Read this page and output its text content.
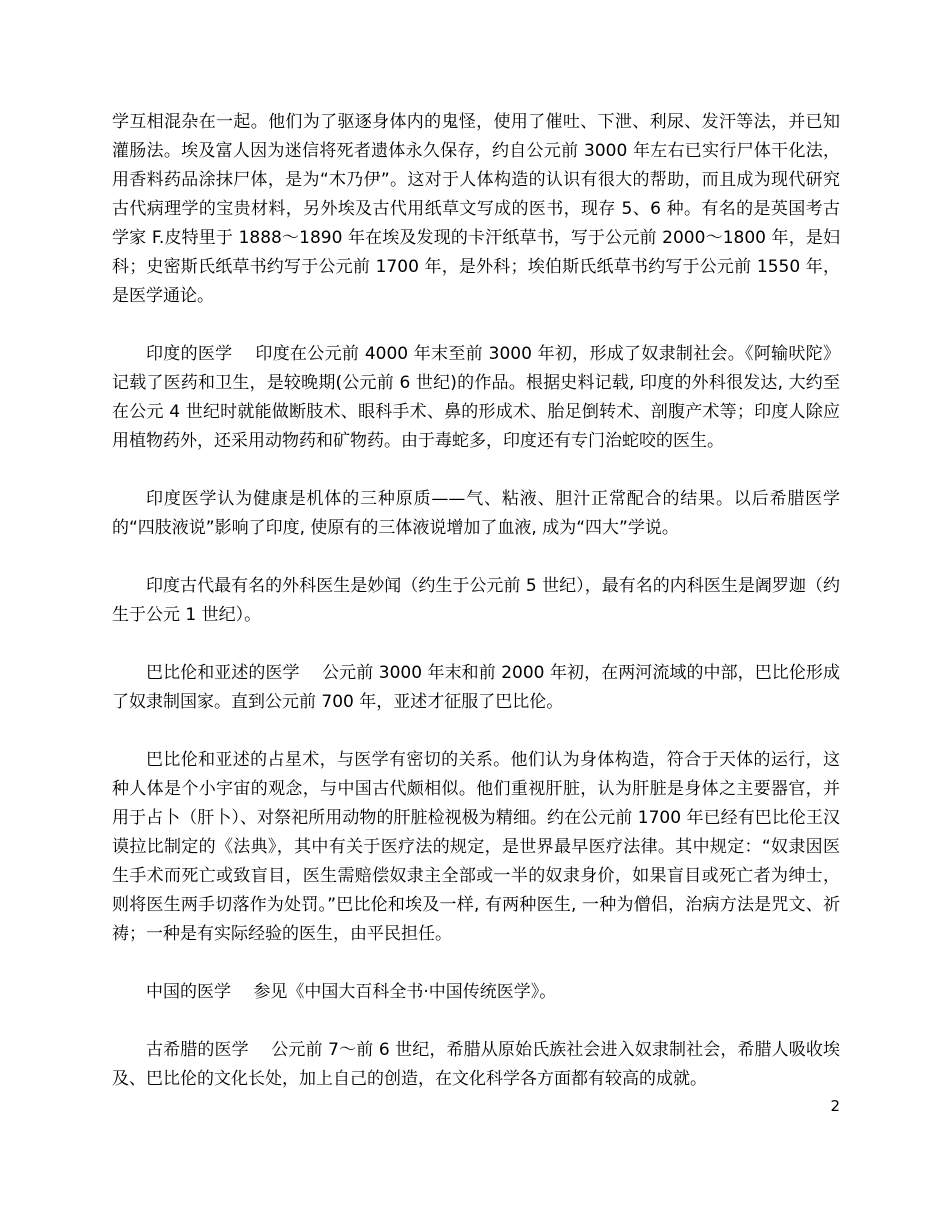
学互相混杂在一起。他们为了驱逐身体内的鬼怪，使用了催吐、下泄、利尿、发汗等法，并已知灌肠法。埃及富人因为迷信将死者遗体永久保存，约自公元前 3000 年左右已实行尸体干化法，用香料药品涂抹尸体，是为“木乃伊”。这对于人体构造的认识有很大的帮助，而且成为现代研究古代病理学的宝贵材料，另外埃及古代用纸草文写成的医书，现存 5、6 种。有名的是英国考古学家 F.皮特里于 1888～1890 年在埃及发现的卡汗纸草书，写于公元前 2000～1800 年，是妇科；史密斯氏纸草书约写于公元前 1700 年，是外科；埃伯斯氏纸草书约写于公元前 1550 年，是医学通论。

印度的医学　 印度在公元前 4000 年末至前 3000 年初，形成了奴隶制社会。《阿输吠陀》记载了医药和卫生，是较晚期(公元前 6 世纪)的作品。根据史料记载, 印度的外科很发达, 大约至在公元 4 世纪时就能做断肢术、眼科手术、鼻的形成术、胎足倒转术、剖腹产术等；印度人除应用植物药外，还采用动物药和矿物药。由于毒蛇多，印度还有专门治蛇咬的医生。

印度医学认为健康是机体的三种原质——气、粘液、胆汁正常配合的结果。以后希腊医学的“四肢液说”影响了印度, 使原有的三体液说增加了血液, 成为“四大”学说。

印度古代最有名的外科医生是妙闻（约生于公元前 5 世纪），最有名的内科医生是阇罗迦（约生于公元 1 世纪）。

巴比伦和亚述的医学　 公元前 3000 年末和前 2000 年初，在两河流域的中部，巴比伦形成了奴隶制国家。直到公元前 700 年，亚述才征服了巴比伦。

巴比伦和亚述的占星术，与医学有密切的关系。他们认为身体构造，符合于天体的运行，这种人体是个小宇宙的观念，与中国古代颇相似。他们重视肝脏，认为肝脏是身体之主要器官，并用于占卜（肝卜）、对祭祀所用动物的肝脏检视极为精细。约在公元前 1700 年已经有巴比伦王汉谟拉比制定的《法典》，其中有关于医疗法的规定，是世界最早医疗法律。其中规定：“奴隶因医生手术而死亡或致盲目，医生需赔偿奴隶主全部或一半的奴隶身价，如果盲目或死亡者为绅士，则将医生两手切落作为处罚。”巴比伦和埃及一样, 有两种医生, 一种为僧侣，治病方法是咒文、祈祷；一种是有实际经验的医生，由平民担任。

中国的医学　 参见《中国大百科全书·中国传统医学》。

古希腊的医学　 公元前 7～前 6 世纪，希腊从原始氏族社会进入奴隶制社会，希腊人吸收埃及、巴比伦的文化长处，加上自己的创造，在文化科学各方面都有较高的成就。

2
